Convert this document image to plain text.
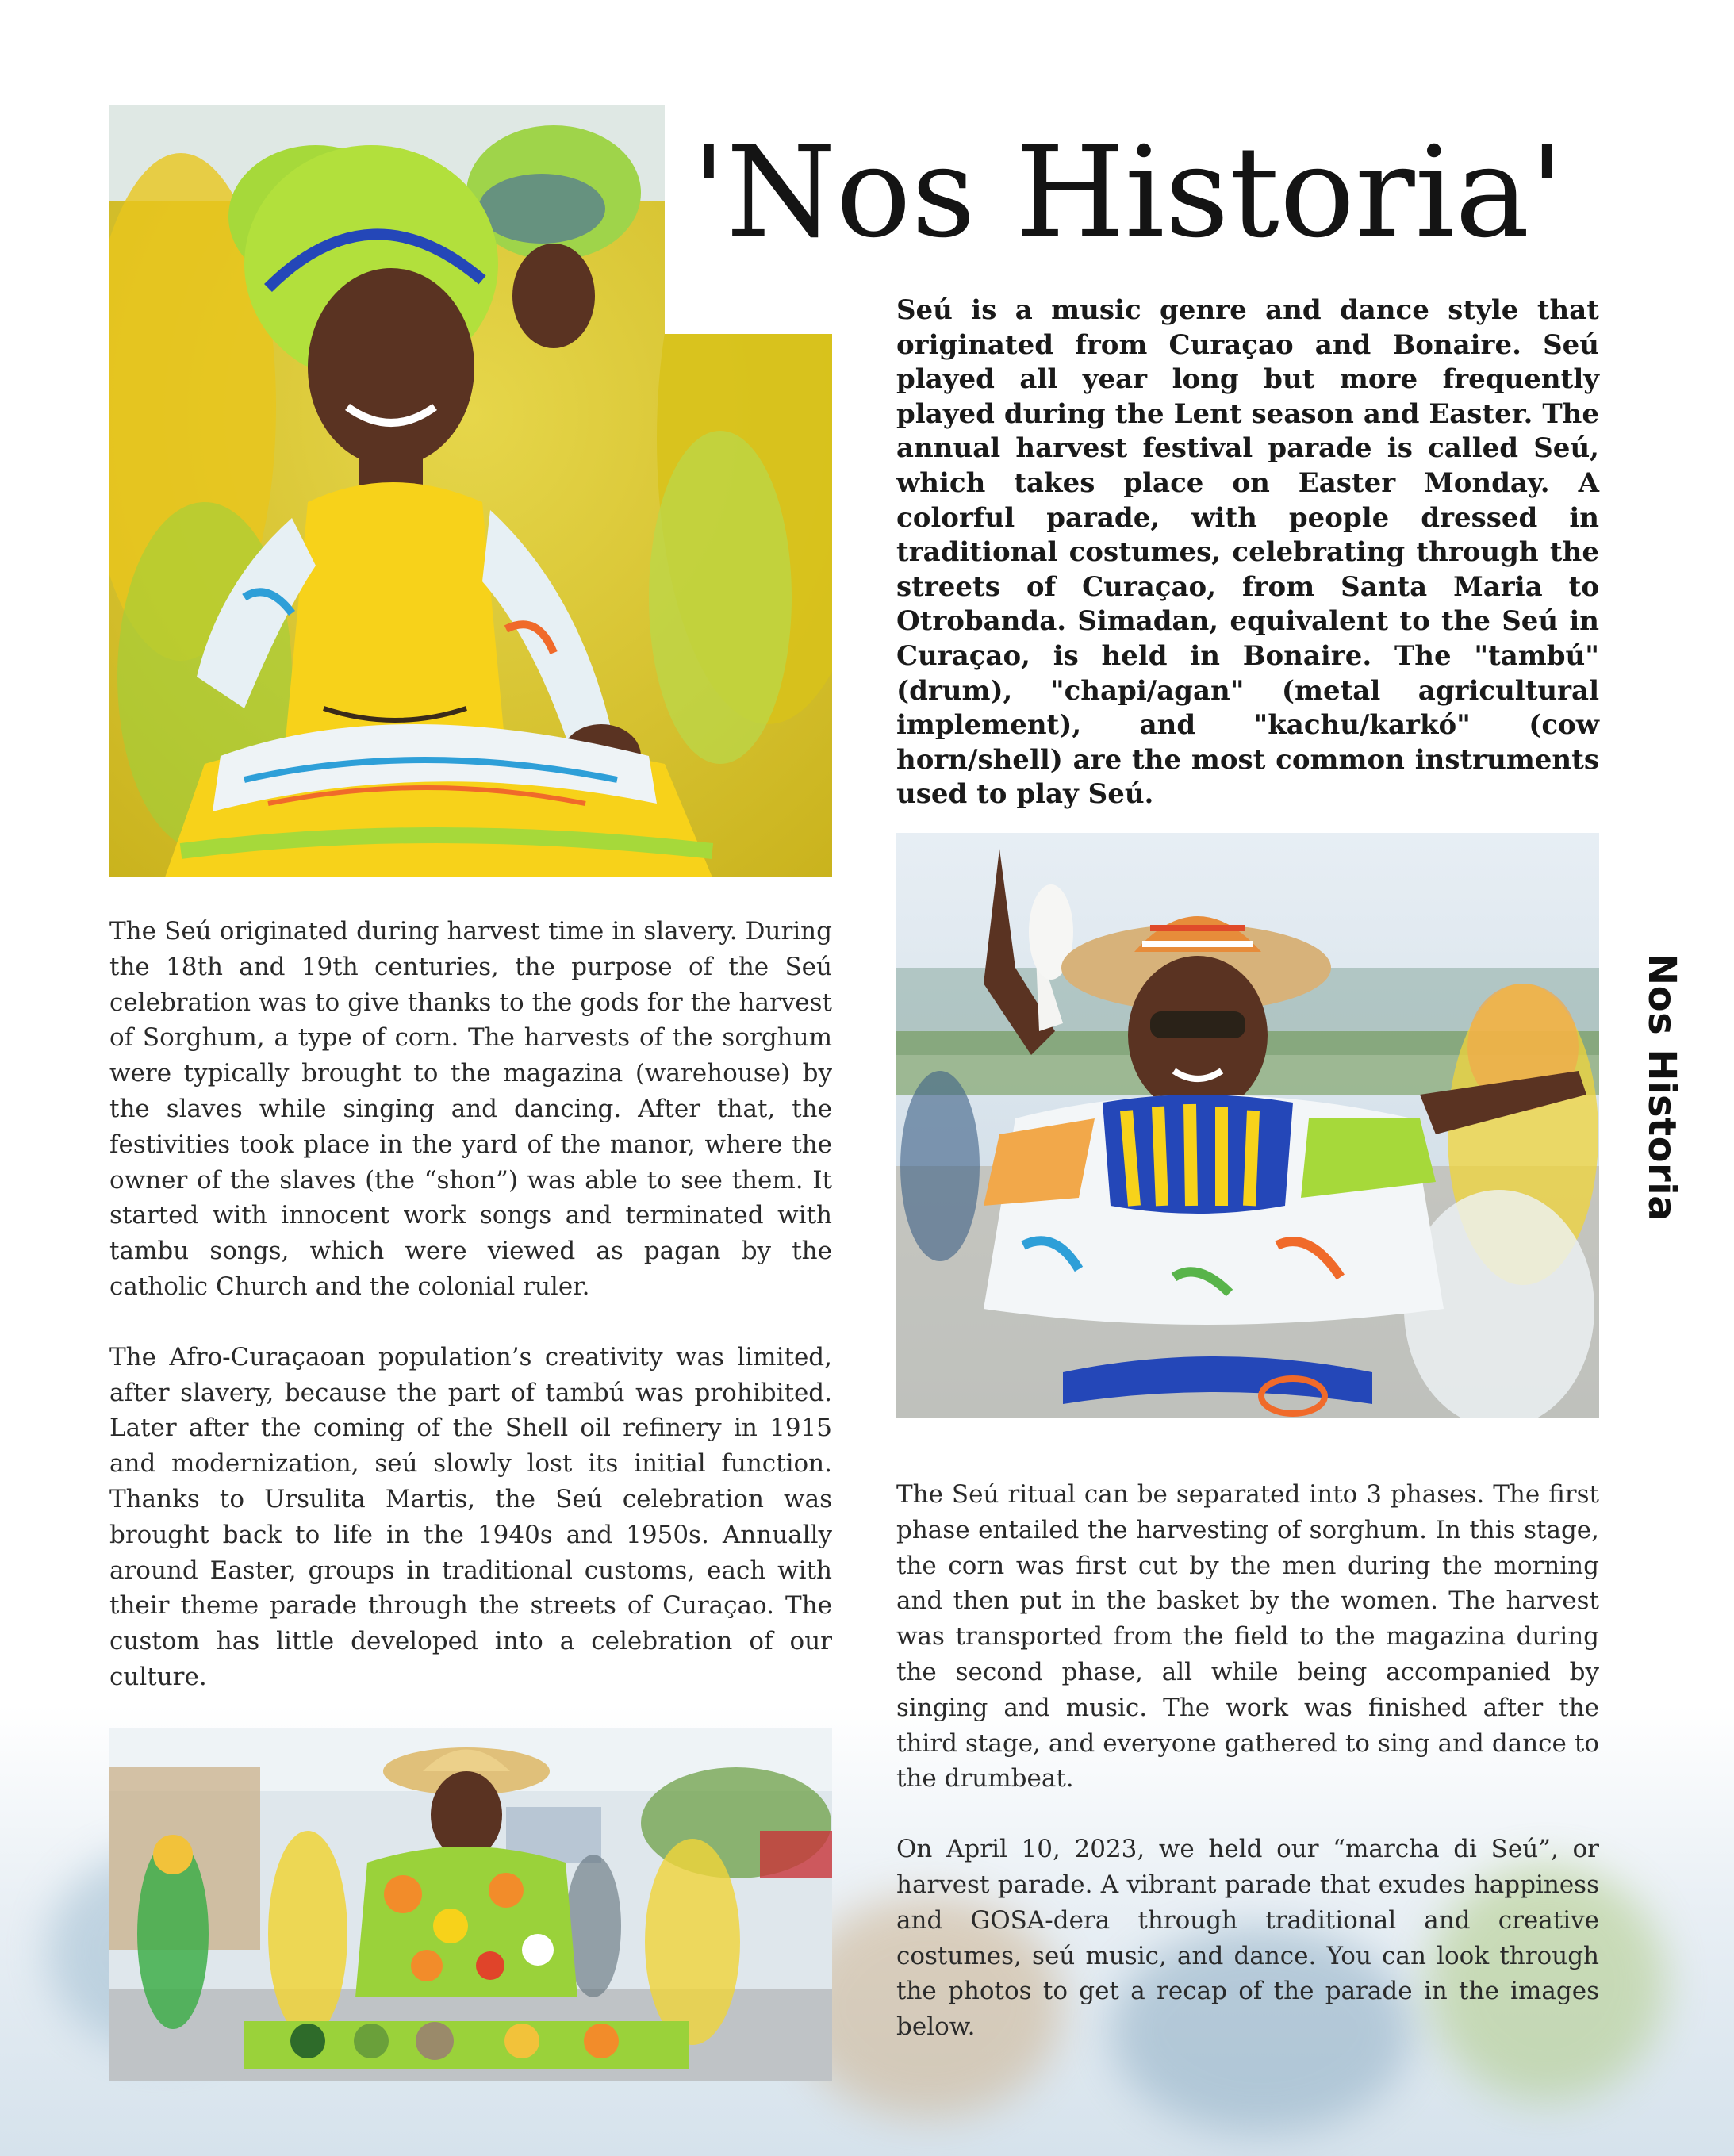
'Nos Historia'

Seú is a music genre and dance style that originated from Curaçao and Bonaire. Seú played all year long but more frequently played during the Lent season and Easter. The annual harvest festival parade is called Seú, which takes place on Easter Monday. A colorful parade, with people dressed in traditional costumes, celebrating through the streets of Curaçao, from Santa Maria to Otrobanda. Simadan, equivalent to the Seú in Curaçao, is held in Bonaire. The "tambú" (drum), "chapi/agan" (metal agricultural implement), and "kachu/karkó" (cow horn/shell) are the most common instruments used to play Seú.

Nos Historia
The Seú originated during harvest time in slavery. During the 18th and 19th centuries, the purpose of the Seú celebration was to give thanks to the gods for the harvest of Sorghum, a type of corn. The harvests of the sorghum were typically brought to the magazina (warehouse) by the slaves while singing and dancing. After that, the festivities took place in the yard of the manor, where the owner of the slaves (the “shon”) was able to see them. It started with innocent work songs and terminated with tambu songs, which were viewed as pagan by the catholic Church and the colonial ruler.
The Afro-Curaçaoan population’s creativity was limited, after slavery, because the part of tambú was prohibited. Later after the coming of the Shell oil refinery in 1915 and modernization, seú slowly lost its initial function. Thanks to Ursulita Martis, the Seú celebration was brought back to life in the 1940s and 1950s. Annually around Easter, groups in traditional customs, each with their theme parade through the streets of Curaçao. The custom has little developed into a celebration of our culture.
The Seú ritual can be separated into 3 phases. The first phase entailed the harvesting of sorghum. In this stage, the corn was first cut by the men during the morning and then put in the basket by the women. The harvest was transported from the field to the magazina during the second phase, all while being accompanied by singing and music. The work was finished after the third stage, and everyone gathered to sing and dance to the drumbeat.
On April 10, 2023, we held our “marcha di Seú”, or harvest parade. A vibrant parade that exudes happiness and GOSA-dera through traditional and creative costumes, seú music, and dance. You can look through the photos to get a recap of the parade in the images below.
